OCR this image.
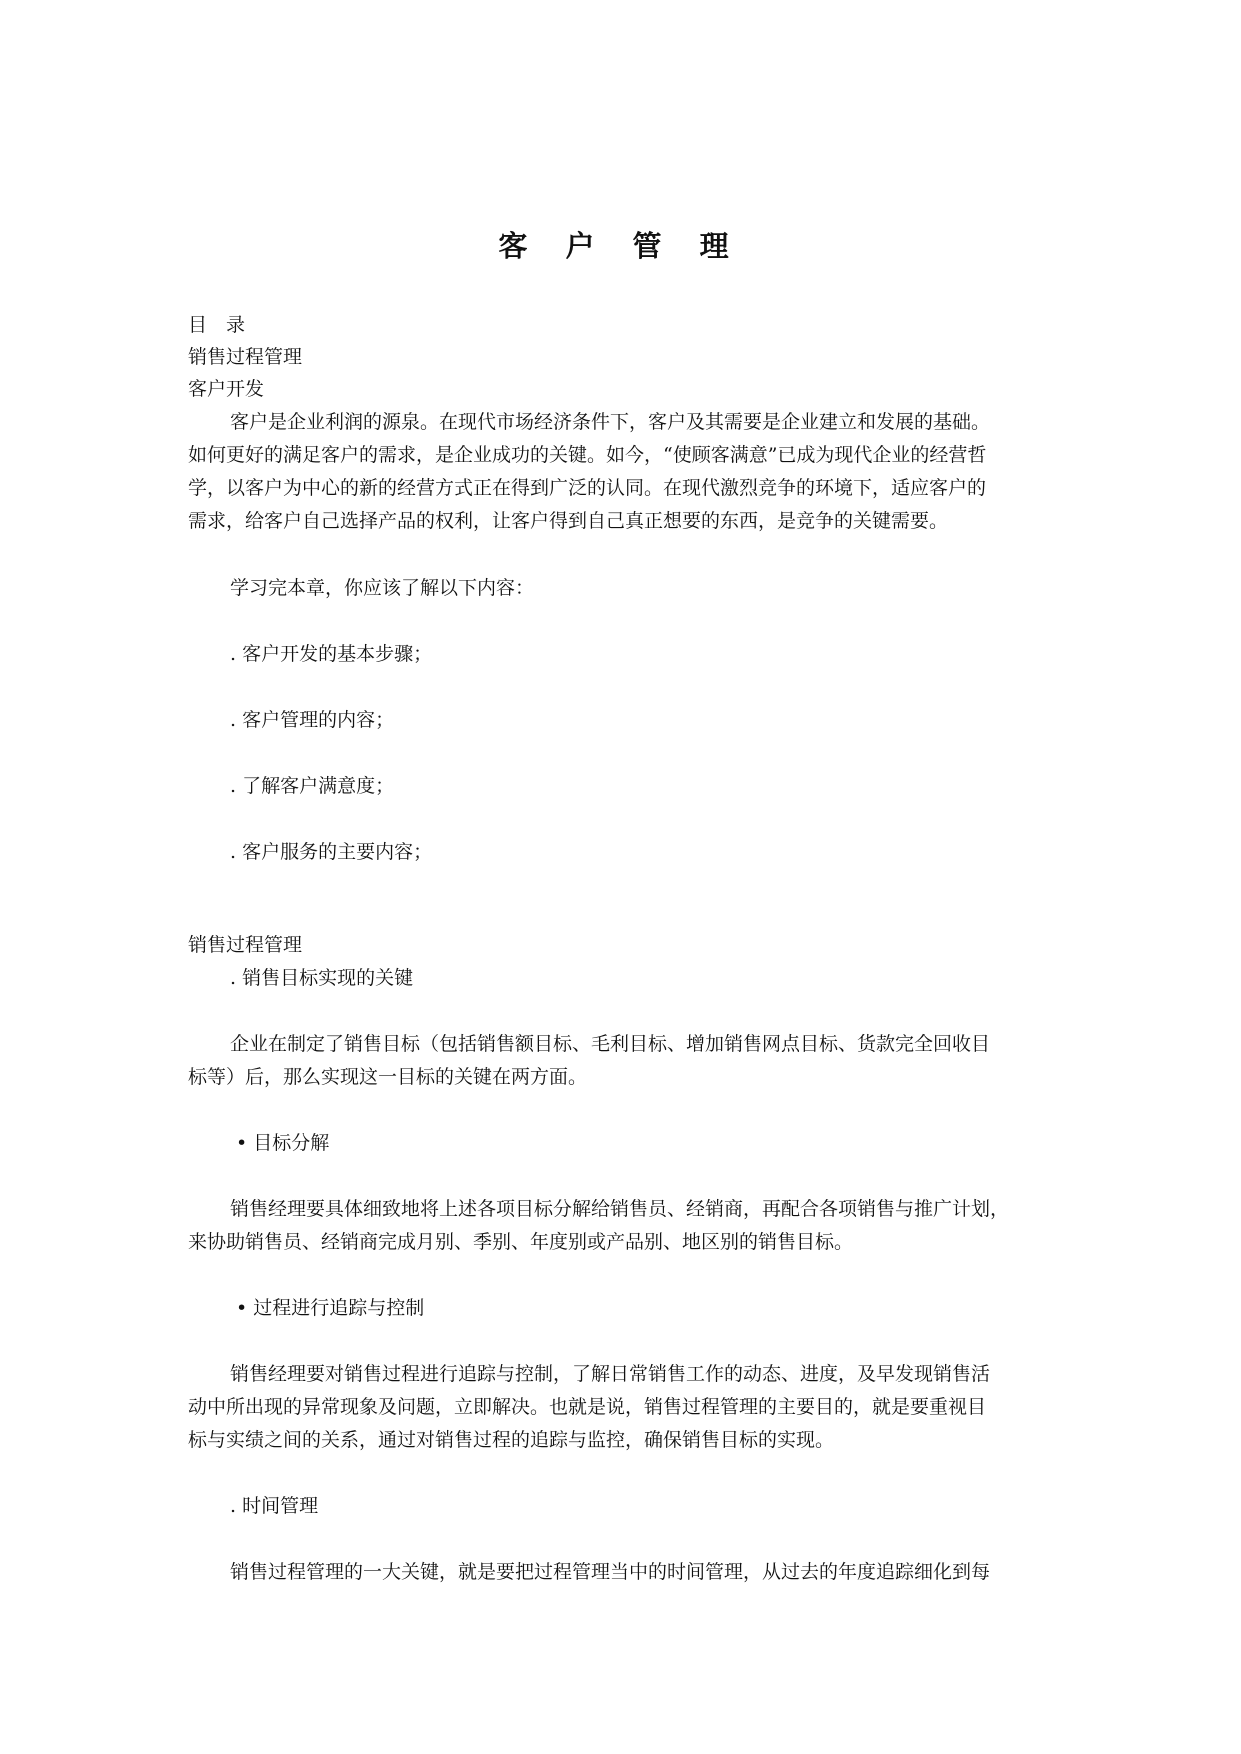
客 户 管 理
目　录
销售过程管理
客户开发
客户是企业利润的源泉。在现代市场经济条件下，客户及其需要是企业建立和发展的基础。
如何更好的满足客户的需求，是企业成功的关键。如今，“使顾客满意”已成为现代企业的经营哲
学，以客户为中心的新的经营方式正在得到广泛的认同。在现代激烈竞争的环境下，适应客户的
需求，给客户自己选择产品的权利，让客户得到自己真正想要的东西，是竞争的关键需要。
学习完本章，你应该了解以下内容：
. 客户开发的基本步骤；
. 客户管理的内容；
. 了解客户满意度；
. 客户服务的主要内容；
销售过程管理
. 销售目标实现的关键
企业在制定了销售目标（包括销售额目标、毛利目标、增加销售网点目标、货款完全回收目
标等）后，那么实现这一目标的关键在两方面。
• 目标分解
销售经理要具体细致地将上述各项目标分解给销售员、经销商，再配合各项销售与推广计划，
来协助销售员、经销商完成月别、季别、年度别或产品别、地区别的销售目标。
• 过程进行追踪与控制
销售经理要对销售过程进行追踪与控制，了解日常销售工作的动态、进度，及早发现销售活
动中所出现的异常现象及问题，立即解决。也就是说，销售过程管理的主要目的，就是要重视目
标与实绩之间的关系，通过对销售过程的追踪与监控，确保销售目标的实现。
. 时间管理
销售过程管理的一大关键，就是要把过程管理当中的时间管理，从过去的年度追踪细化到每
